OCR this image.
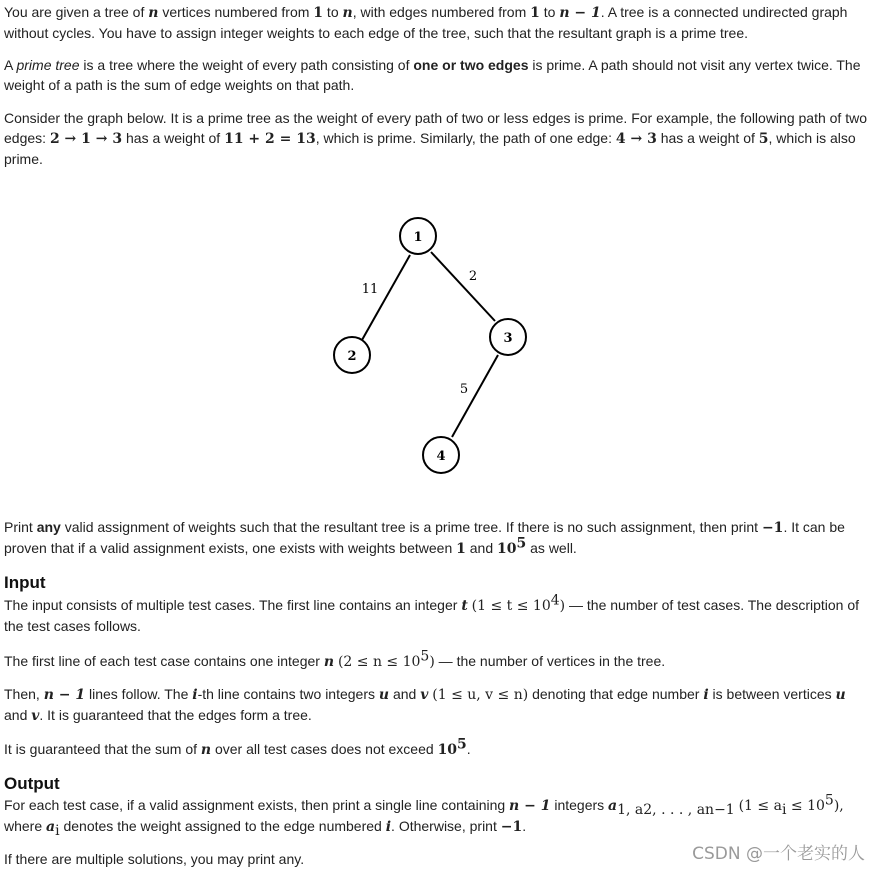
You are given a tree of n vertices numbered from 1 to n, with edges numbered from 1 to n − 1. A tree is a connected undirected graph without cycles. You have to assign integer weights to each edge of the tree, such that the resultant graph is a prime tree.

A prime tree is a tree where the weight of every path consisting of one or two edges is prime. A path should not visit any vertex twice. The weight of a path is the sum of edge weights on that path.

Consider the graph below. It is a prime tree as the weight of every path of two or less edges is prime. For example, the following path of two edges: 2 → 1 → 3 has a weight of 11 + 2 = 13, which is prime. Similarly, the path of one edge: 4 → 3 has a weight of 5, which is also prime.

11
2
5
1
2
3
4

Print any valid assignment of weights such that the resultant tree is a prime tree. If there is no such assignment, then print −1. It can be proven that if a valid assignment exists, one exists with weights between 1 and $10^5$ as well.

Input

The input consists of multiple test cases. The first line contains an integer t $(1 \le t \le 10^4)$ — the number of test cases. The description of the test cases follows.

The first line of each test case contains one integer n $(2 \le n \le 10^5)$ — the number of vertices in the tree.

Then, n − 1 lines follow. The i-th line contains two integers u and v (1 ≤ u, v ≤ n) denoting that edge number i is between vertices u and v. It is guaranteed that the edges form a tree.

It is guaranteed that the sum of n over all test cases does not exceed $10^5$.

Output

For each test case, if a valid assignment exists, then print a single line containing n − 1 integers $a_{1, a2, . . . , an-1}$ $(1 \le a_i \le 10^5)$, where $a_i$ denotes the weight assigned to the edge numbered i. Otherwise, print −1.

If there are multiple solutions, you may print any.	CSDN @一个老实的人
